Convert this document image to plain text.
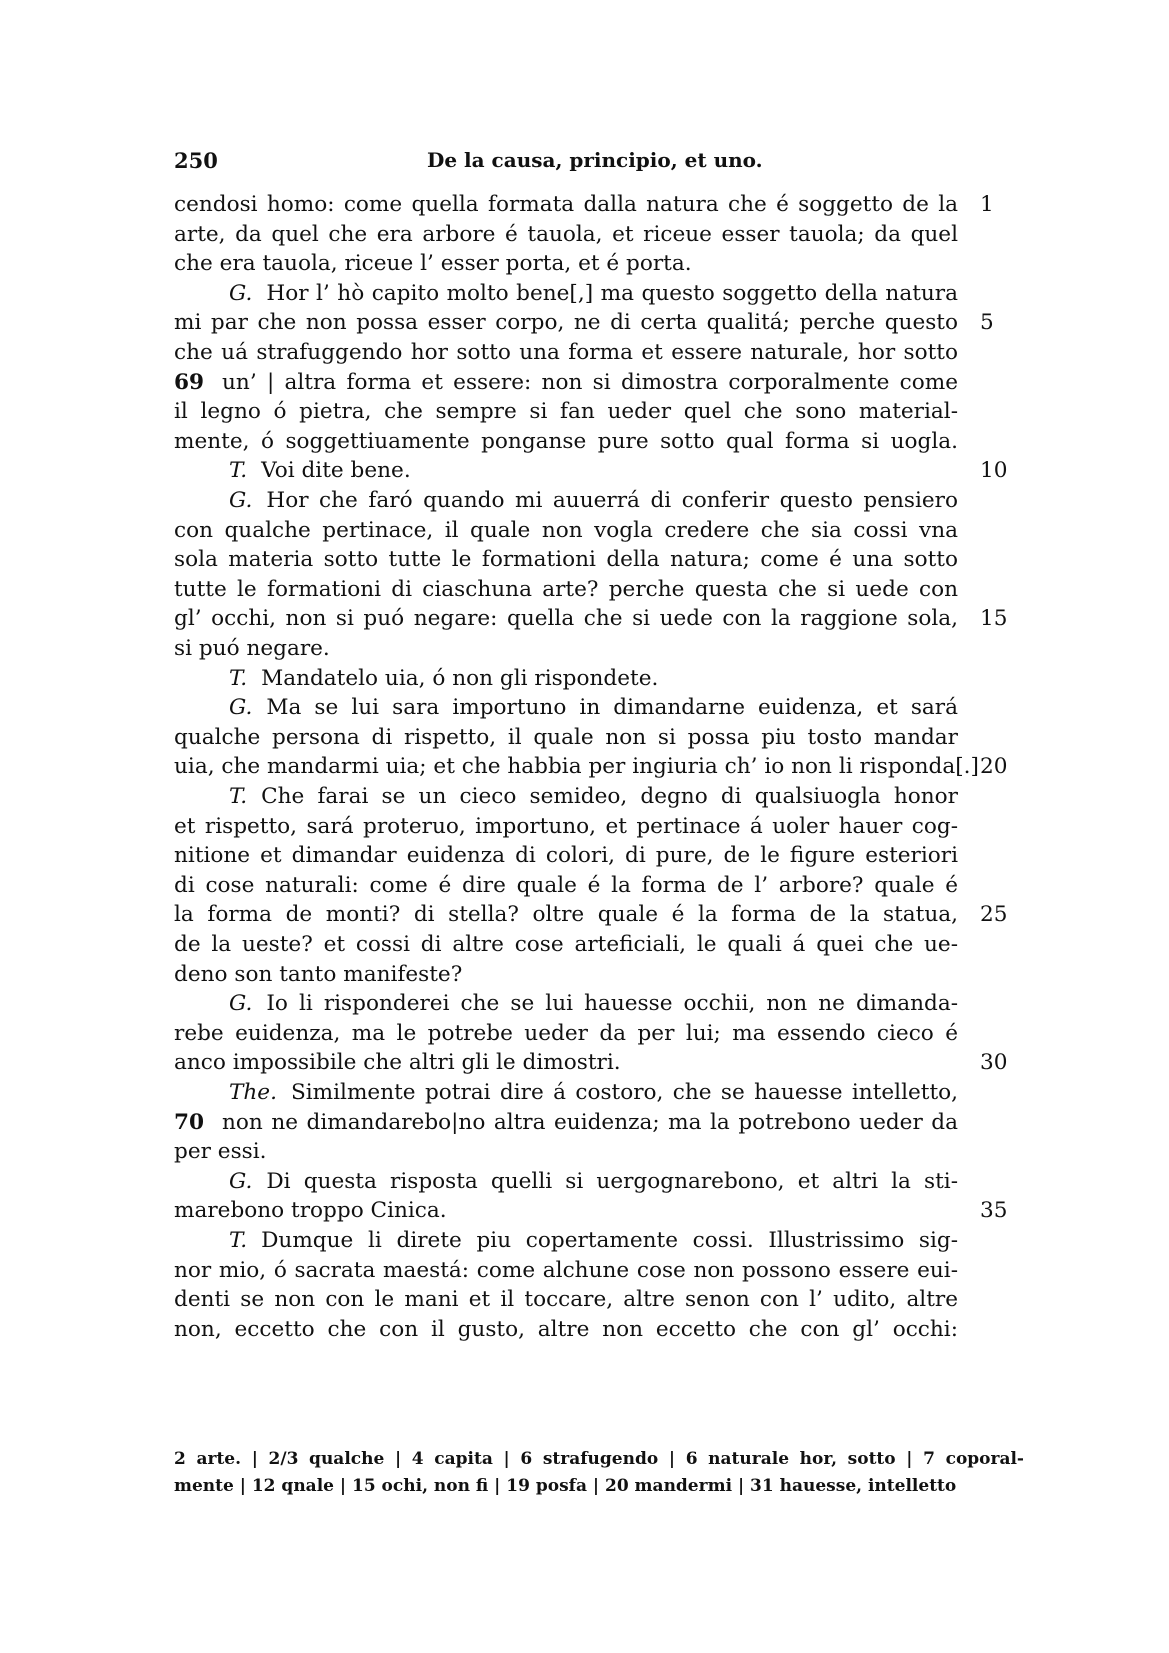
250	De la causa, principio, et uno.
cendosi homo: come quella formata dalla natura che é soggetto de la 1
arte, da quel che era arbore é tauola, et riceue esser tauola; da quel
che era tauola, riceue l’ esser porta, et é porta.
G. Hor l’ hò capito molto bene[,] ma questo soggetto della natura
mi par che non possa esser corpo, ne di certa qualitá; perche questo 5
che uá strafuggendo hor sotto una forma et essere naturale, hor sotto
69 un’ | altra forma et essere: non si dimostra corporalmente come
il legno ó pietra, che sempre si fan ueder quel che sono material-
mente, ó soggettiuamente ponganse pure sotto qual forma si uogla.
T. Voi dite bene.	10
G. Hor che faró quando mi auuerrá di conferir questo pensiero
con qualche pertinace, il quale non vogla credere che sia cossi vna
sola materia sotto tutte le formationi della natura; come é una sotto
tutte le formationi di ciaschuna arte? perche questa che si uede con
gl’ occhi, non si puó negare: quella che si uede con la raggione sola, 15
si puó negare.
T. Mandatelo uia, ó non gli rispondete.
G. Ma se lui sara importuno in dimandarne euidenza, et sará
qualche persona di rispetto, il quale non si possa piu tosto mandar
uia, che mandarmi uia; et che habbia per ingiuria ch’ io non li risponda[.] 20
T. Che farai se un cieco semideo, degno di qualsiuogla honor
et rispetto, sará proteruo, importuno, et pertinace á uoler hauer cog-
nitione et dimandar euidenza di colori, di pure, de le figure esteriori
di cose naturali: come é dire quale é la forma de l’ arbore? quale é
la forma de monti? di stella? oltre quale é la forma de la statua, 25
de la ueste? et cossi di altre cose arteficiali, le quali á quei che ue-
deno son tanto manifeste?
G. Io li risponderei che se lui hauesse occhii, non ne dimanda-
rebe euidenza, ma le potrebe ueder da per lui; ma essendo cieco é
anco impossibile che altri gli le dimostri.	30
The. Similmente potrai dire á costoro, che se hauesse intelletto,
70 non ne dimandarebo|no altra euidenza; ma la potrebono ueder da
per essi.
G. Di questa risposta quelli si uergognarebono, et altri la sti-
marebono troppo Cinica.	35
T. Dumque li direte piu copertamente cossi. Illustrissimo sig-
nor mio, ó sacrata maestá: come alchune cose non possono essere eui-
denti se non con le mani et il toccare, altre senon con l’ udito, altre
non, eccetto che con il gusto, altre non eccetto che con gl’ occhi:
2 arte. | 2/3 qualche | 4 capita | 6 strafugendo | 6 naturale hor, sotto | 7 coporal-
mente | 12 qnale | 15 ochi, non fi | 19 posfa | 20 mandermi | 31 hauesse, intelletto
